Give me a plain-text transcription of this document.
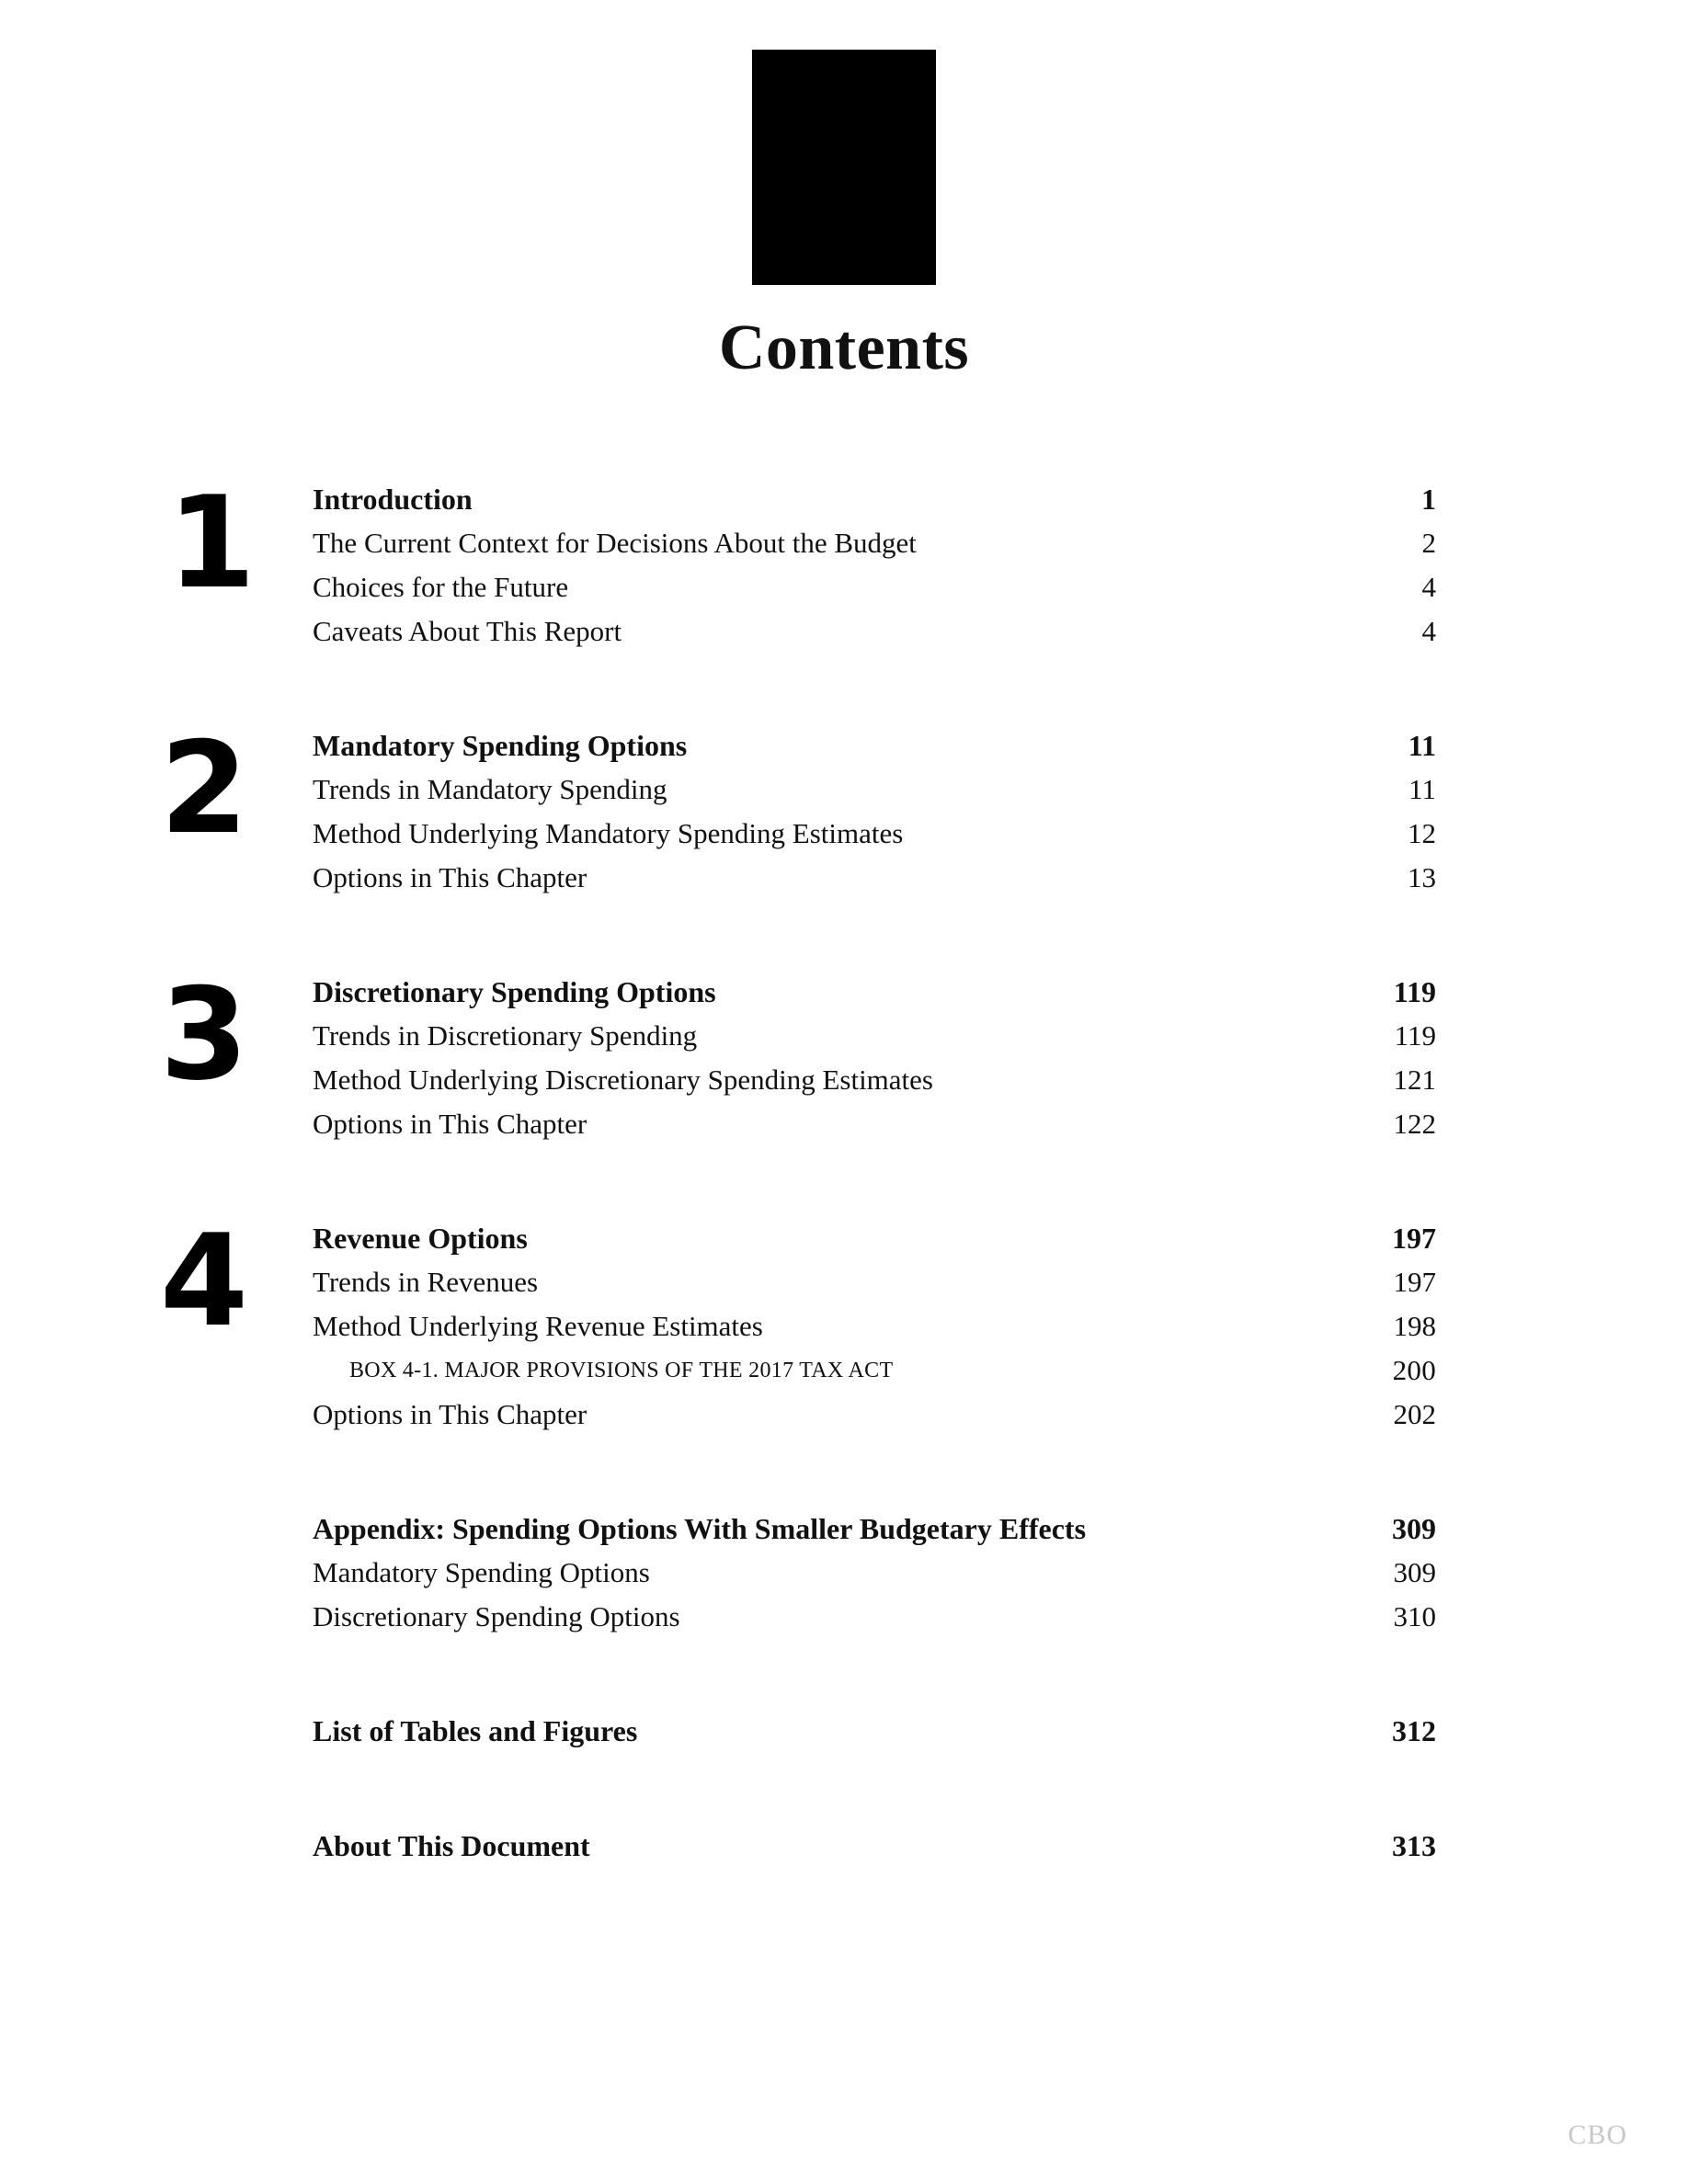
Contents
1	Introduction	1
The Current Context for Decisions About the Budget	2
Choices for the Future	4
Caveats About This Report	4
2	Mandatory Spending Options	11
Trends in Mandatory Spending	11
Method Underlying Mandatory Spending Estimates	12
Options in This Chapter	13
3	Discretionary Spending Options	119
Trends in Discretionary Spending	119
Method Underlying Discretionary Spending Estimates	121
Options in This Chapter	122
4	Revenue Options	197
Trends in Revenues	197
Method Underlying Revenue Estimates	198
BOX 4-1. MAJOR PROVISIONS OF THE 2017 TAX ACT	200
Options in This Chapter	202
Appendix: Spending Options With Smaller Budgetary Effects	309
Mandatory Spending Options	309
Discretionary Spending Options	310
List of Tables and Figures	312
About This Document	313
CBO
